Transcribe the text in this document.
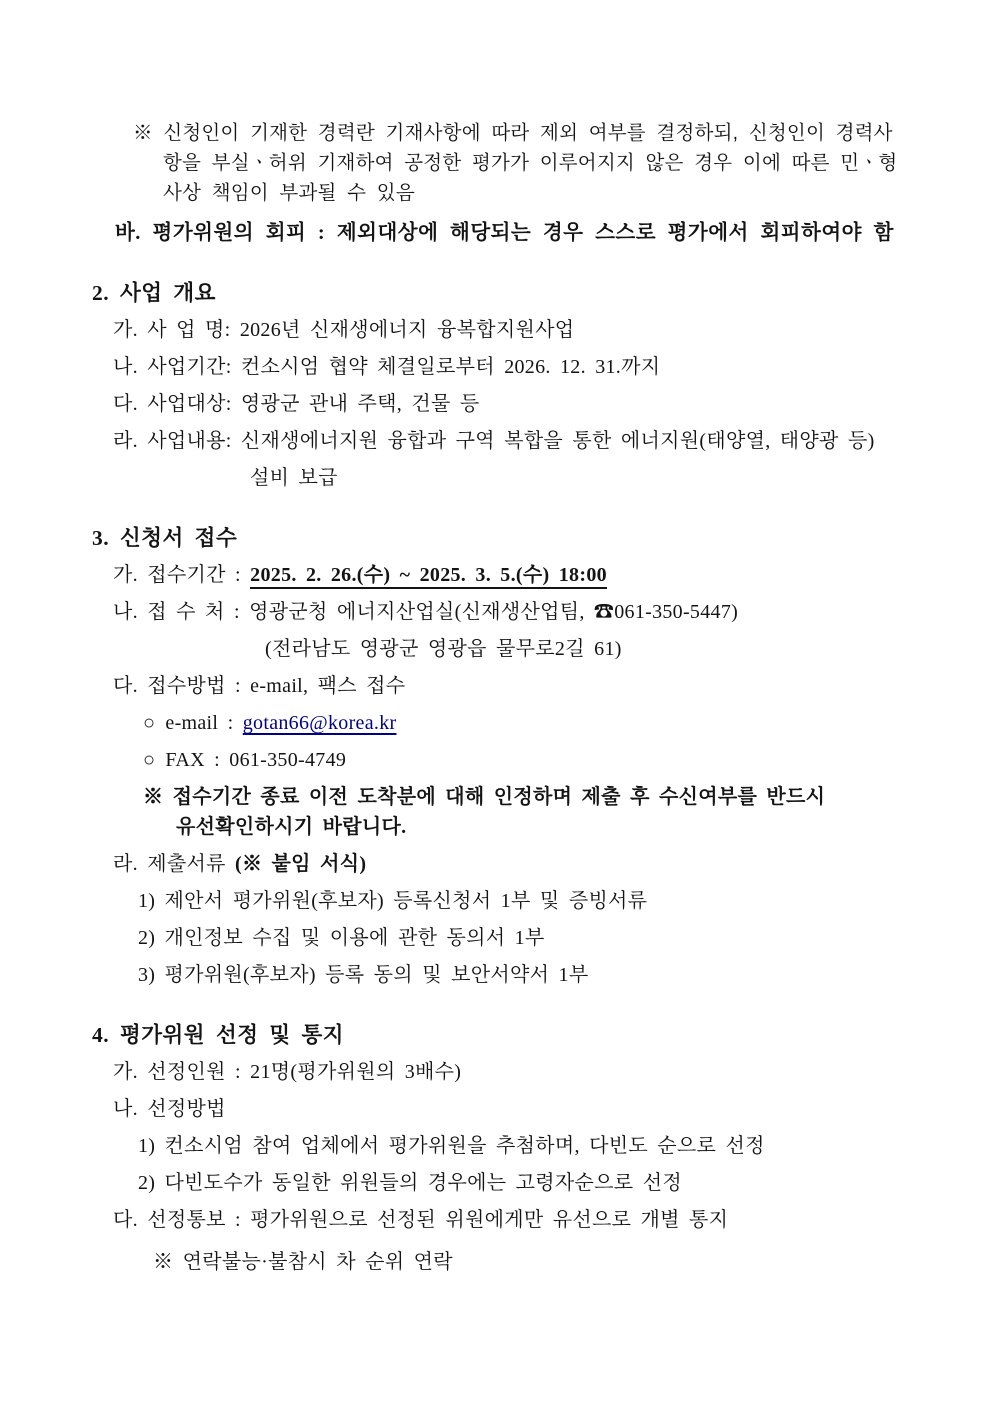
※ 신청인이 기재한 경력란 기재사항에 따라 제외 여부를 결정하되, 신청인이 경력사
항을 부실ㆍ허위 기재하여 공정한 평가가 이루어지지 않은 경우 이에 따른 민ㆍ형
사상 책임이 부과될 수 있음
바. 평가위원의 회피 : 제외대상에 해당되는 경우 스스로 평가에서 회피하여야 함
2. 사업 개요
가. 사 업 명: 2026년 신재생에너지 융복합지원사업
나. 사업기간: 컨소시엄 협약 체결일로부터 2026. 12. 31.까지
다. 사업대상: 영광군 관내 주택, 건물 등
라. 사업내용: 신재생에너지원 융합과 구역 복합을 통한 에너지원(태양열, 태양광 등)
설비 보급
3. 신청서 접수
가. 접수기간 : 2025. 2. 26.(수) ~ 2025. 3. 5.(수) 18:00
나. 접 수 처 : 영광군청 에너지산업실(신재생산업팀, ☎061-350-5447)
(전라남도 영광군 영광읍 물무로2길 61)
다. 접수방법 : e-mail, 팩스 접수
○ e-mail : gotan66@korea.kr
○ FAX : 061-350-4749
※ 접수기간 종료 이전 도착분에 대해 인정하며 제출 후 수신여부를 반드시
유선확인하시기 바랍니다.
라. 제출서류 (※ 붙임 서식)
1) 제안서 평가위원(후보자) 등록신청서 1부 및 증빙서류
2) 개인정보 수집 및 이용에 관한 동의서 1부
3) 평가위원(후보자) 등록 동의 및 보안서약서 1부
4. 평가위원 선정 및 통지
가. 선정인원 : 21명(평가위원의 3배수)
나. 선정방법
1) 컨소시엄 참여 업체에서 평가위원을 추첨하며, 다빈도 순으로 선정
2) 다빈도수가 동일한 위원들의 경우에는 고령자순으로 선정
다. 선정통보 : 평가위원으로 선정된 위원에게만 유선으로 개별 통지
※ 연락불능·불참시 차 순위 연락
